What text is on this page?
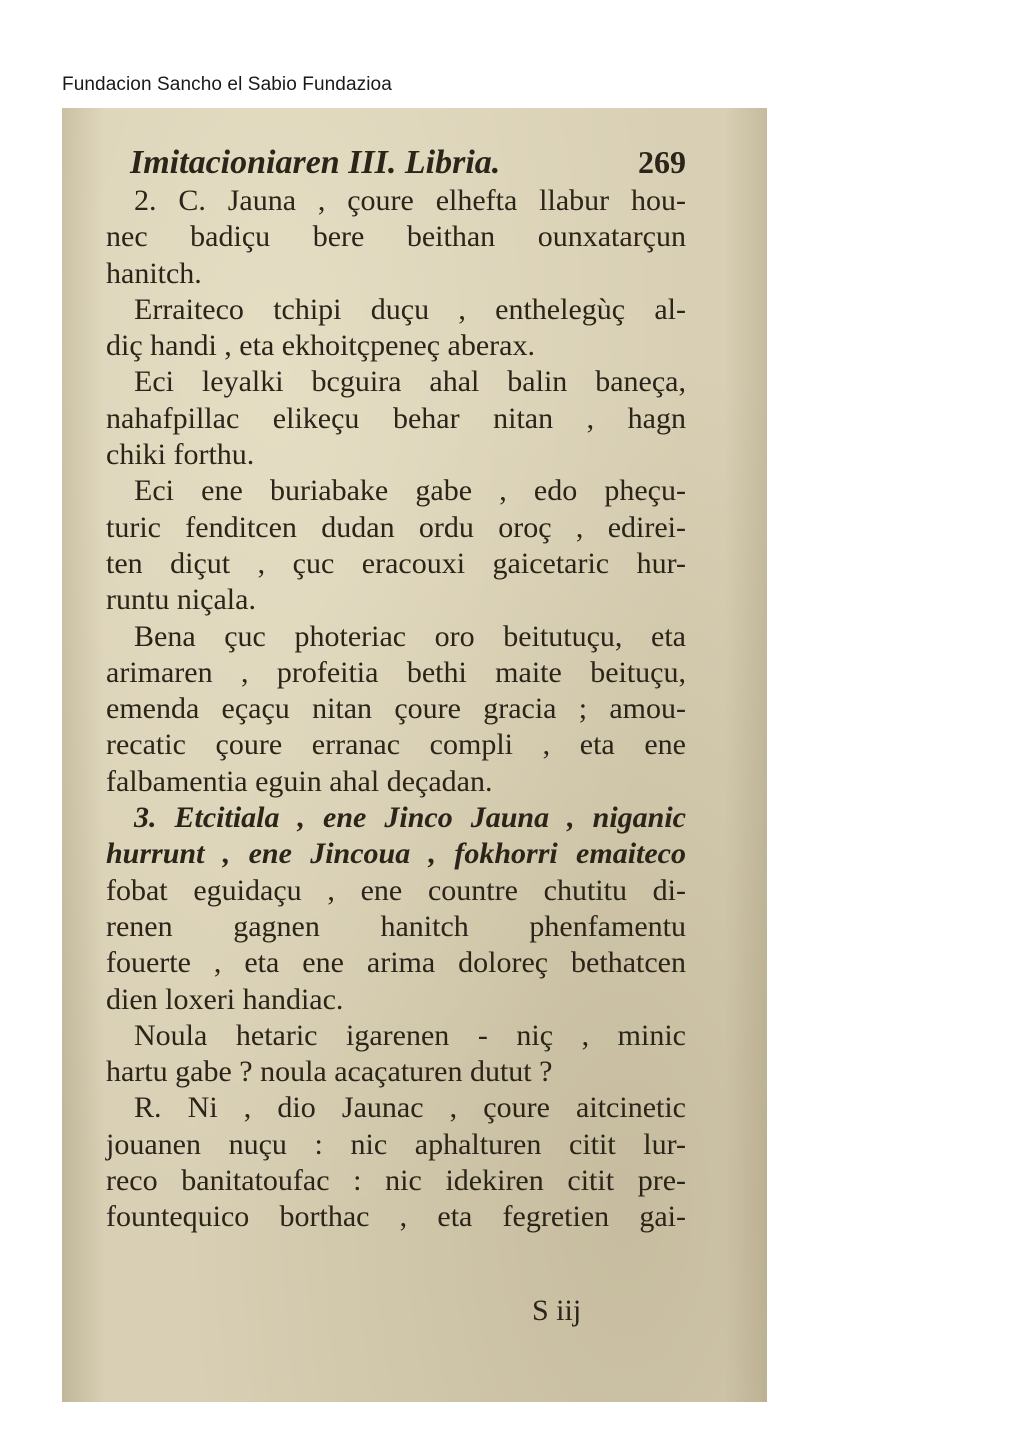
Fundacion Sancho el Sabio Fundazioa
Imitacioniaren III. Libria.	269
2. C. Jauna , çoure elhefta llabur hou-
nec badiçu bere beithan ounxatarçun
hanitch.
Erraiteco tchipi duçu , enthelegùç al-
diç handi , eta ekhoitçpeneç aberax.
Eci leyalki bcguira ahal balin baneça,
nahafpillac elikeçu behar nitan , hagn
chiki forthu.
Eci ene buriabake gabe , edo pheçu-
turic fenditcen dudan ordu oroç , edirei-
ten diçut , çuc eracouxi gaicetaric hur-
runtu niçala.
Bena çuc photeriac oro beitutuçu, eta
arimaren , profeitia bethi maite beituçu,
emenda eçaçu nitan çoure gracia ; amou-
recatic çoure erranac compli , eta ene
falbamentia eguin ahal deçadan.
3. Etcitiala , ene Jinco Jauna , niganic
hurrunt , ene Jincoua , fokhorri emaiteco
fobat eguidaçu , ene countre chutitu di-
renen gagnen hanitch phenfamentu
fouerte , eta ene arima doloreç bethatcen
dien loxeri handiac.
Noula hetaric igarenen - niç , minic
hartu gabe ? noula acaçaturen dutut ?
R. Ni , dio Jaunac , çoure aitcinetic
jouanen nuçu : nic aphalturen citit lur-
reco banitatoufac : nic idekiren citit pre-
fountequico borthac , eta fegretien gai-
S iij
